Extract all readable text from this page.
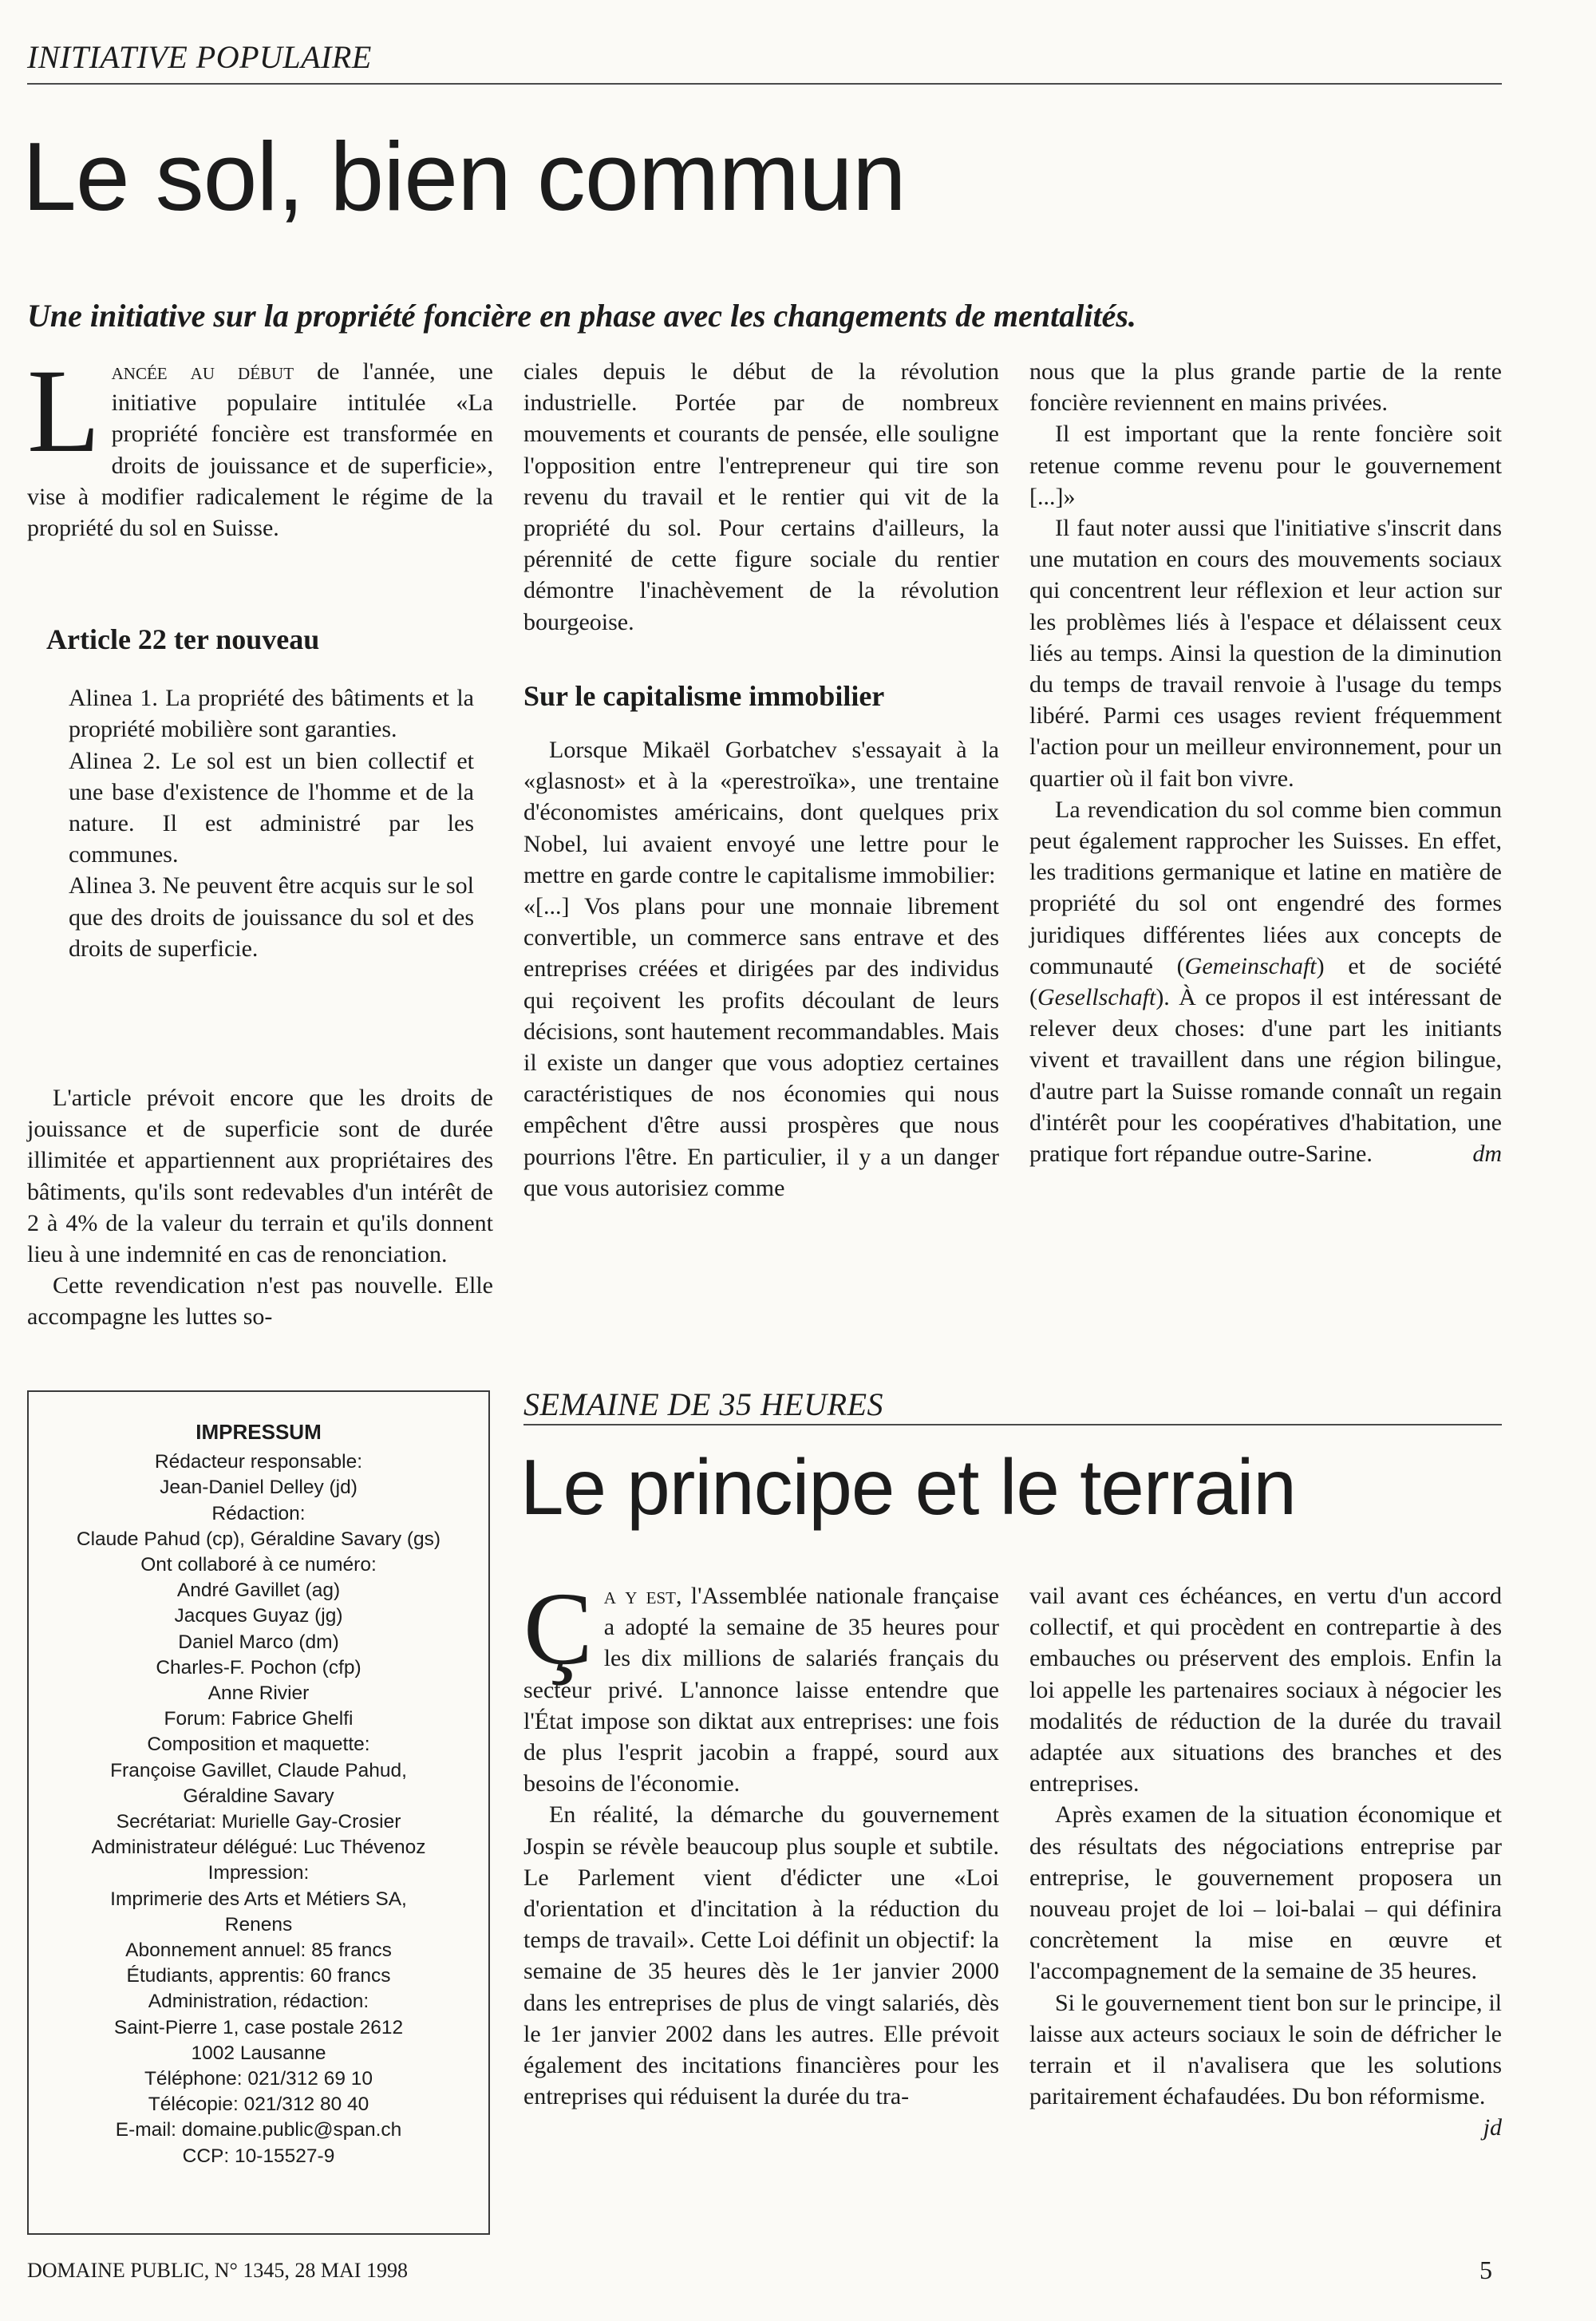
INITIATIVE POPULAIRE
Le sol, bien commun
Une initiative sur la propriété foncière en phase avec les changements de mentalités.

Lancée au début de l'année, une initiative populaire intitulée «La propriété foncière est transformée en droits de jouissance et de superficie», vise à modifier radicalement le régime de la propriété du sol en Suisse.

Article 22 ter nouveau

Alinea 1. La propriété des bâtiments et la propriété mobilière sont garanties.

Alinea 2. Le sol est un bien collectif et une base d'existence de l'homme et de la nature. Il est administré par les communes.

Alinea 3. Ne peuvent être acquis sur le sol que des droits de jouissance du sol et des droits de superficie.

L'article prévoit encore que les droits de jouissance et de superficie sont de durée illimitée et appartiennent aux propriétaires des bâtiments, qu'ils sont redevables d'un intérêt de 2 à 4% de la valeur du terrain et qu'ils donnent lieu à une indemnité en cas de renonciation.

Cette revendication n'est pas nouvelle. Elle accompagne les luttes so-

ciales depuis le début de la révolution industrielle. Portée par de nombreux mouvements et courants de pensée, elle souligne l'opposition entre l'entrepreneur qui tire son revenu du travail et le rentier qui vit de la propriété du sol. Pour certains d'ailleurs, la pérennité de cette figure sociale du rentier démontre l'inachèvement de la révolution bourgeoise.

Sur le capitalisme immobilier

Lorsque Mikaël Gorbatchev s'essayait à la «glasnost» et à la «perestroïka», une trentaine d'économistes américains, dont quelques prix Nobel, lui avaient envoyé une lettre pour le mettre en garde contre le capitalisme immobilier:

«[...] Vos plans pour une monnaie librement convertible, un commerce sans entrave et des entreprises créées et dirigées par des individus qui reçoivent les profits découlant de leurs décisions, sont hautement recommandables. Mais il existe un danger que vous adoptiez certaines caractéristiques de nos économies qui nous empêchent d'être aussi prospères que nous pourrions l'être. En particulier, il y a un danger que vous autorisiez comme

nous que la plus grande partie de la rente foncière reviennent en mains privées.

Il est important que la rente foncière soit retenue comme revenu pour le gouvernement [...]»

Il faut noter aussi que l'initiative s'inscrit dans une mutation en cours des mouvements sociaux qui concentrent leur réflexion et leur action sur les problèmes liés à l'espace et délaissent ceux liés au temps. Ainsi la question de la diminution du temps de travail renvoie à l'usage du temps libéré. Parmi ces usages revient fréquemment l'action pour un meilleur environnement, pour un quartier où il fait bon vivre.

La revendication du sol comme bien commun peut également rapprocher les Suisses. En effet, les traditions germanique et latine en matière de propriété du sol ont engendré des formes juridiques différentes liées aux concepts de communauté (Gemeinschaft) et de société (Gesellschaft). À ce propos il est intéressant de relever deux choses: d'une part les initiants vivent et travaillent dans une région bilingue, d'autre part la Suisse romande connaît un regain d'intérêt pour les coopératives d'habitation, une pratique fort répandue outre-Sarine.	dm

IMPRESSUM
Rédacteur responsable:
Jean-Daniel Delley (jd)
Rédaction:
Claude Pahud (cp), Géraldine Savary (gs)
Ont collaboré à ce numéro:
André Gavillet (ag)
Jacques Guyaz (jg)
Daniel Marco (dm)
Charles-F. Pochon (cfp)
Anne Rivier
Forum: Fabrice Ghelfi
Composition et maquette:
Françoise Gavillet, Claude Pahud,
Géraldine Savary
Secrétariat: Murielle Gay-Crosier
Administrateur délégué: Luc Thévenoz
Impression:
Imprimerie des Arts et Métiers SA,
Renens
Abonnement annuel: 85 francs
Étudiants, apprentis: 60 francs
Administration, rédaction:
Saint-Pierre 1, case postale 2612
1002 Lausanne
Téléphone: 021/312 69 10
Télécopie: 021/312 80 40
E-mail: domaine.public@span.ch
CCP: 10-15527-9
SEMAINE DE 35 HEURES
Le principe et le terrain

Ça y est, l'Assemblée nationale française a adopté la semaine de 35 heures pour les dix millions de salariés français du secteur privé. L'annonce laisse entendre que l'État impose son diktat aux entreprises: une fois de plus l'esprit jacobin a frappé, sourd aux besoins de l'économie.

En réalité, la démarche du gouvernement Jospin se révèle beaucoup plus souple et subtile. Le Parlement vient d'édicter une «Loi d'orientation et d'incitation à la réduction du temps de travail». Cette Loi définit un objectif: la semaine de 35 heures dès le 1er janvier 2000 dans les entreprises de plus de vingt salariés, dès le 1er janvier 2002 dans les autres. Elle prévoit également des incitations financières pour les entreprises qui réduisent la durée du tra-

vail avant ces échéances, en vertu d'un accord collectif, et qui procèdent en contrepartie à des embauches ou préservent des emplois. Enfin la loi appelle les partenaires sociaux à négocier les modalités de réduction de la durée du travail adaptée aux situations des branches et des entreprises.

Après examen de la situation économique et des résultats des négociations entreprise par entreprise, le gouvernement proposera un nouveau projet de loi – loi-balai – qui définira concrètement la mise en œuvre et l'accompagnement de la semaine de 35 heures.

Si le gouvernement tient bon sur le principe, il laisse aux acteurs sociaux le soin de défricher le terrain et il n'avalisera que les solutions paritairement échafaudées. Du bon réformisme.
jd

DOMAINE PUBLIC, N° 1345, 28 MAI 1998	5
